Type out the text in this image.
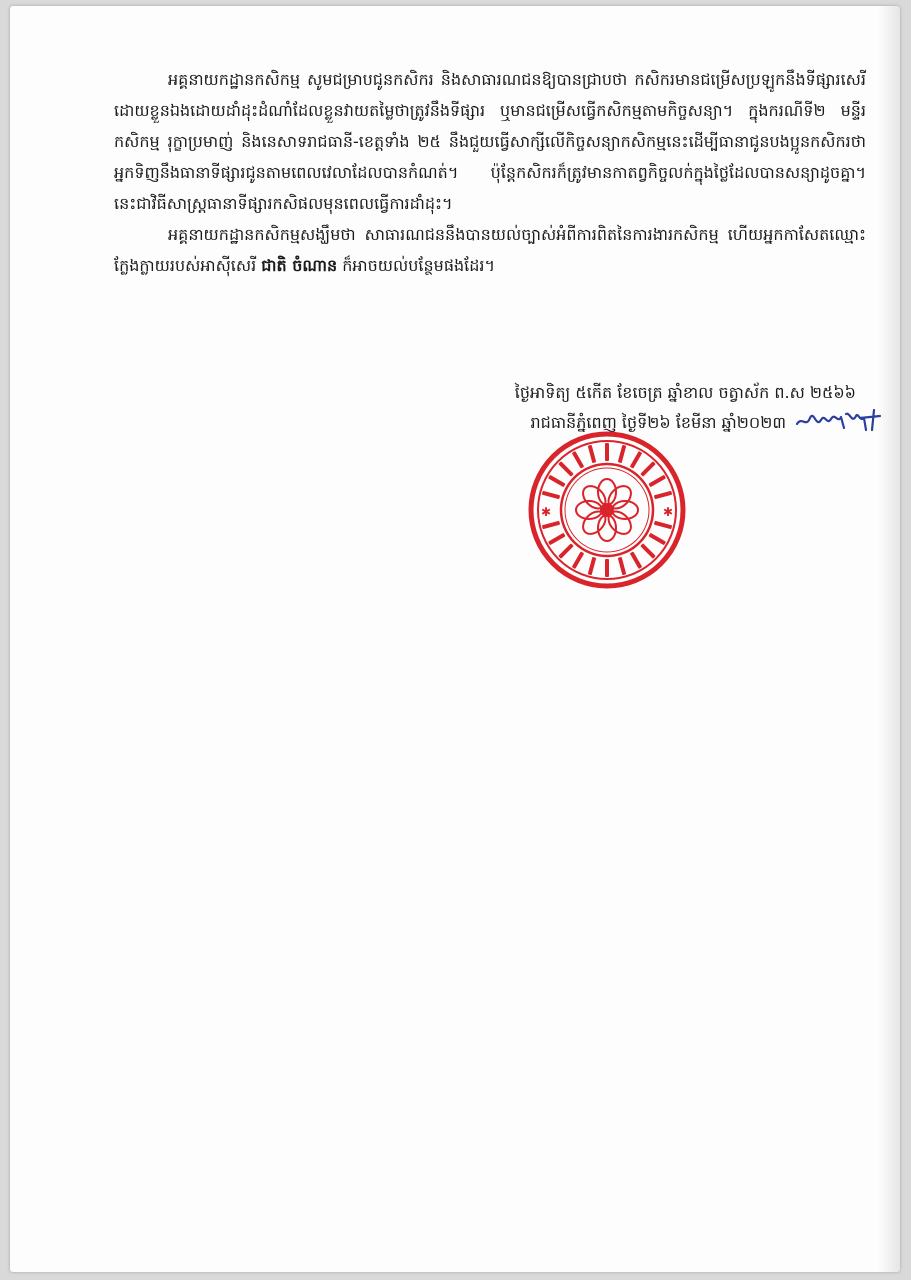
អគ្គនាយកដ្ឋានកសិកម្ម សូមជម្រាបជូនកសិករ និងសាធារណជនឱ្យបានជ្រាបថា កសិករមានជម្រើសប្រឡូកនឹងទីផ្សារសេរីដោយខ្លួនឯងដោយដាំដុះដំណាំដែលខ្លួនវាយតម្លៃថាត្រូវនឹងទីផ្សារ ឬមានជម្រើសធ្វើកសិកម្មតាមកិច្ចសន្យា។ ក្នុងករណីទី២ មន្ទីរកសិកម្ម រុក្ខាប្រមាញ់ និងនេសាទរាជធានី-ខេត្តទាំង ២៥ នឹងជួយធ្វើសាក្សីលើកិច្ចសន្យាកសិកម្មនេះដើម្បីធានាជូនបងប្អូនកសិករថា អ្នកទិញនឹងធានាទីផ្សារជូនតាមពេលវេលាដែលបានកំណត់។ ប៉ុន្តែកសិករក៏ត្រូវមានកាតព្វកិច្ចលក់ក្នុងថ្លៃដែលបានសន្យាដូចគ្នា។ នេះជាវិធីសាស្ត្រធានាទីផ្សារកសិផលមុនពេលធ្វើការដាំដុះ។

អគ្គនាយកដ្ឋានកសិកម្មសង្ឃឹមថា សាធារណជននឹងបានយល់ច្បាស់អំពីការពិតនៃការងារកសិកម្ម ហើយអ្នកកាសែតឈ្មោះក្លែងក្លាយរបស់អាស៊ីសេរី ជាតិ ចំណាន ក៏អាចយល់បន្ថែមផងដែរ។

ថ្ងៃអាទិត្យ ៥កើត ខែចេត្រ ឆ្នាំខាល ចត្វាស័ក ព.ស ២៥៦៦
រាជធានីភ្នំពេញ ថ្ងៃទី២៦ ខែមីនា ឆ្នាំ២០២៣
✱	✱
